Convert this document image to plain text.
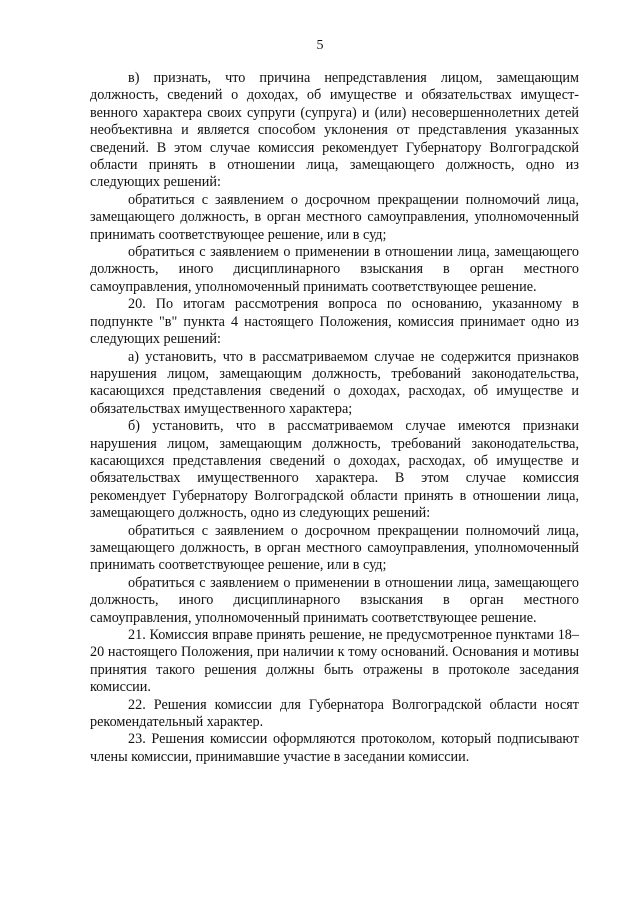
5

в) признать, что причина непредставления лицом, замещающим должность, сведений о доходах, об имуществе и обязательствах имущест-венного характера своих супруги (супруга) и (или) несовершеннолетних детей необъективна и является способом уклонения от представления указанных сведений. В этом случае комиссия рекомендует Губернатору Волгоградской области принять в отношении лица, замещающего должность, одно из следующих решений:

обратиться с заявлением о досрочном прекращении полномочий лица, замещающего должность, в орган местного самоуправления, уполномоченный принимать соответствующее решение, или в суд;

обратиться с заявлением о применении в отношении лица, замещающего должность, иного дисциплинарного взыскания в орган местного самоуправления, уполномоченный принимать соответствующее решение.

20. По итогам рассмотрения вопроса по основанию, указанному в подпункте "в" пункта 4 настоящего Положения, комиссия принимает одно из следующих решений:

а) установить, что в рассматриваемом случае не содержится признаков нарушения лицом, замещающим должность, требований законодательства, касающихся представления сведений о доходах, расходах, об имуществе и обязательствах имущественного характера;

б) установить, что в рассматриваемом случае имеются признаки нарушения лицом, замещающим должность, требований законодательства, касающихся представления сведений о доходах, расходах, об имуществе и обязательствах имущественного характера. В этом случае комиссия рекомендует Губернатору Волгоградской области принять в отношении лица, замещающего должность, одно из следующих решений:

обратиться с заявлением о досрочном прекращении полномочий лица, замещающего должность, в орган местного самоуправления, уполномоченный принимать соответствующее решение, или в суд;

обратиться с заявлением о применении в отношении лица, замещающего должность, иного дисциплинарного взыскания в орган местного самоуправления, уполномоченный принимать соответствующее решение.

21. Комиссия вправе принять решение, не предусмотренное пунктами 18–20 настоящего Положения, при наличии к тому оснований. Основания и мотивы принятия такого решения должны быть отражены в протоколе заседания комиссии.

22. Решения комиссии для Губернатора Волгоградской области носят рекомендательный характер.

23. Решения комиссии оформляются протоколом, который подписывают члены комиссии, принимавшие участие в заседании комиссии.
